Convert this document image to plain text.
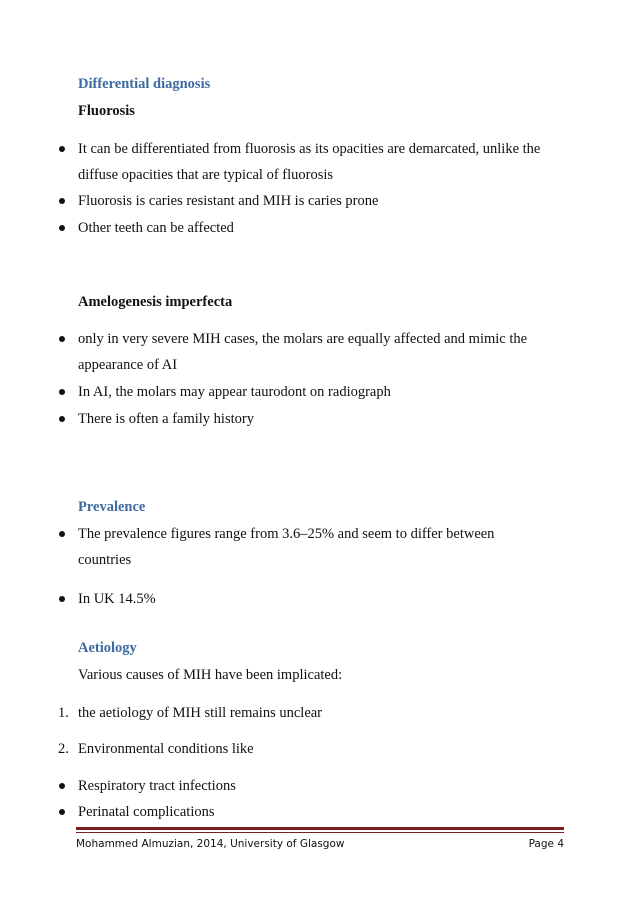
Differential diagnosis
Fluorosis
It can be differentiated from fluorosis as its opacities are demarcated, unlike the
diffuse opacities that are typical of fluorosis
Fluorosis is caries resistant and MIH is caries prone
Other teeth can be affected
Amelogenesis imperfecta
only in very severe MIH cases, the molars are equally affected and mimic the
appearance of AI
In AI, the molars may appear taurodont on radiograph
There is often a family history
Prevalence
The prevalence figures range from 3.6–25% and seem to differ between
countries
In UK 14.5%
Aetiology
Various causes of MIH have been implicated:
1. the aetiology of MIH still remains unclear
2. Environmental conditions like
Respiratory tract infections
Perinatal complications
Mohammed Almuzian, 2014, University of Glasgow	Page 4
